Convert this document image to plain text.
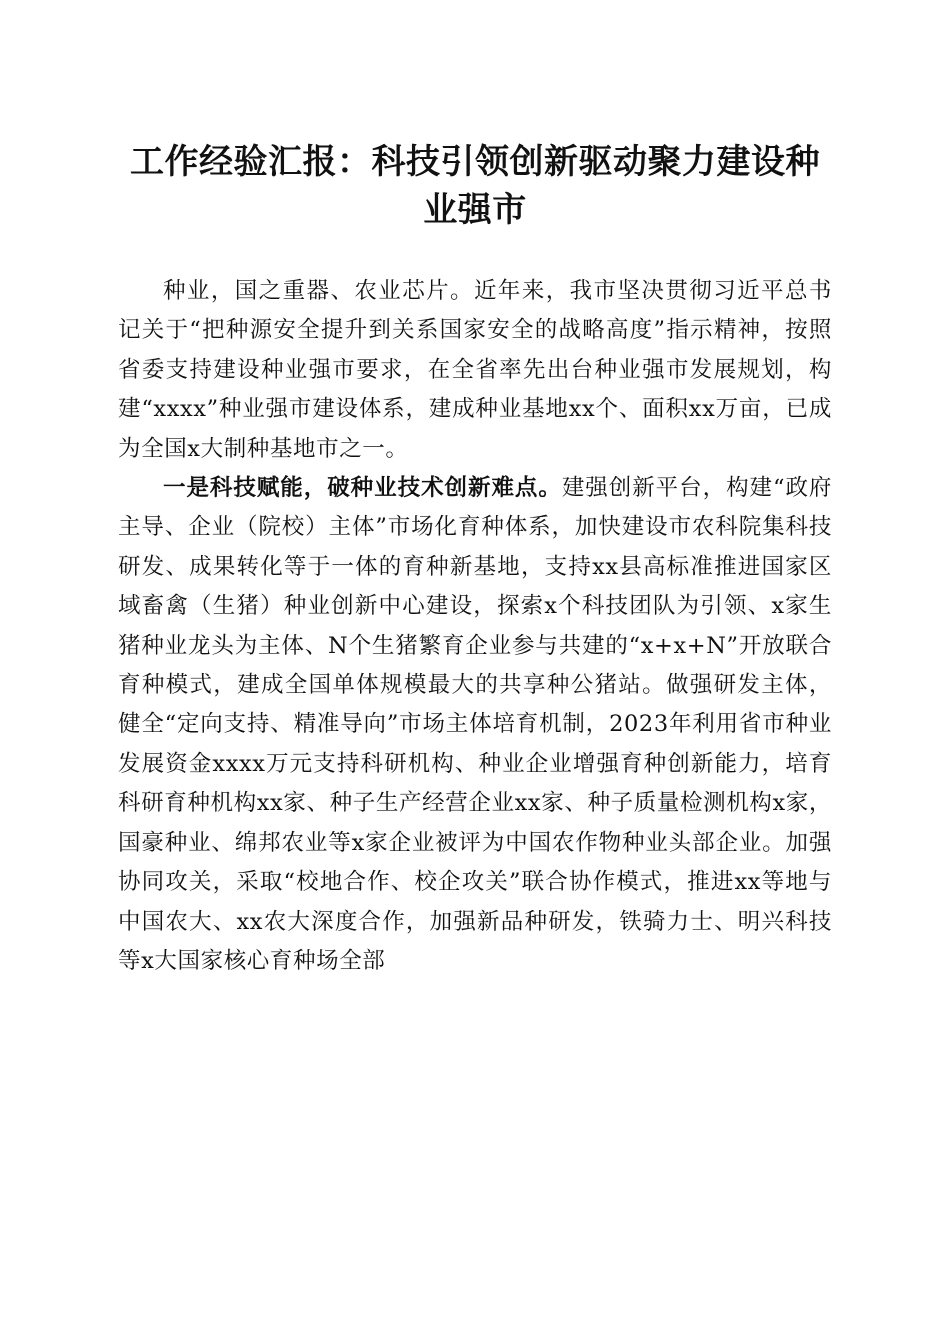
工作经验汇报：科技引领创新驱动聚力建设种业强市

种业，国之重器、农业芯片。近年来，我市坚决贯彻习近平总书记关于“把种源安全提升到关系国家安全的战略高度”指示精神，按照省委支持建设种业强市要求，在全省率先出台种业强市发展规划，构建“xxxx”种业强市建设体系，建成种业基地xx个、面积xx万亩，已成为全国x大制种基地市之一。

一是科技赋能，破种业技术创新难点。建强创新平台，构建“政府主导、企业（院校）主体”市场化育种体系，加快建设市农科院集科技研发、成果转化等于一体的育种新基地，支持xx县高标准推进国家区域畜禽（生猪）种业创新中心建设，探索x个科技团队为引领、x家生猪种业龙头为主体、N个生猪繁育企业参与共建的“x+x+N”开放联合育种模式，建成全国单体规模最大的共享种公猪站。做强研发主体，健全“定向支持、精准导向”市场主体培育机制，2023年利用省市种业发展资金xxxx万元支持科研机构、种业企业增强育种创新能力，培育科研育种机构xx家、种子生产经营企业xx家、种子质量检测机构x家，国豪种业、绵邦农业等x家企业被评为中国农作物种业头部企业。加强协同攻关，采取“校地合作、校企攻关”联合协作模式，推进xx等地与中国农大、xx农大深度合作，加强新品种研发，铁骑力士、明兴科技等x大国家核心育种场全部
